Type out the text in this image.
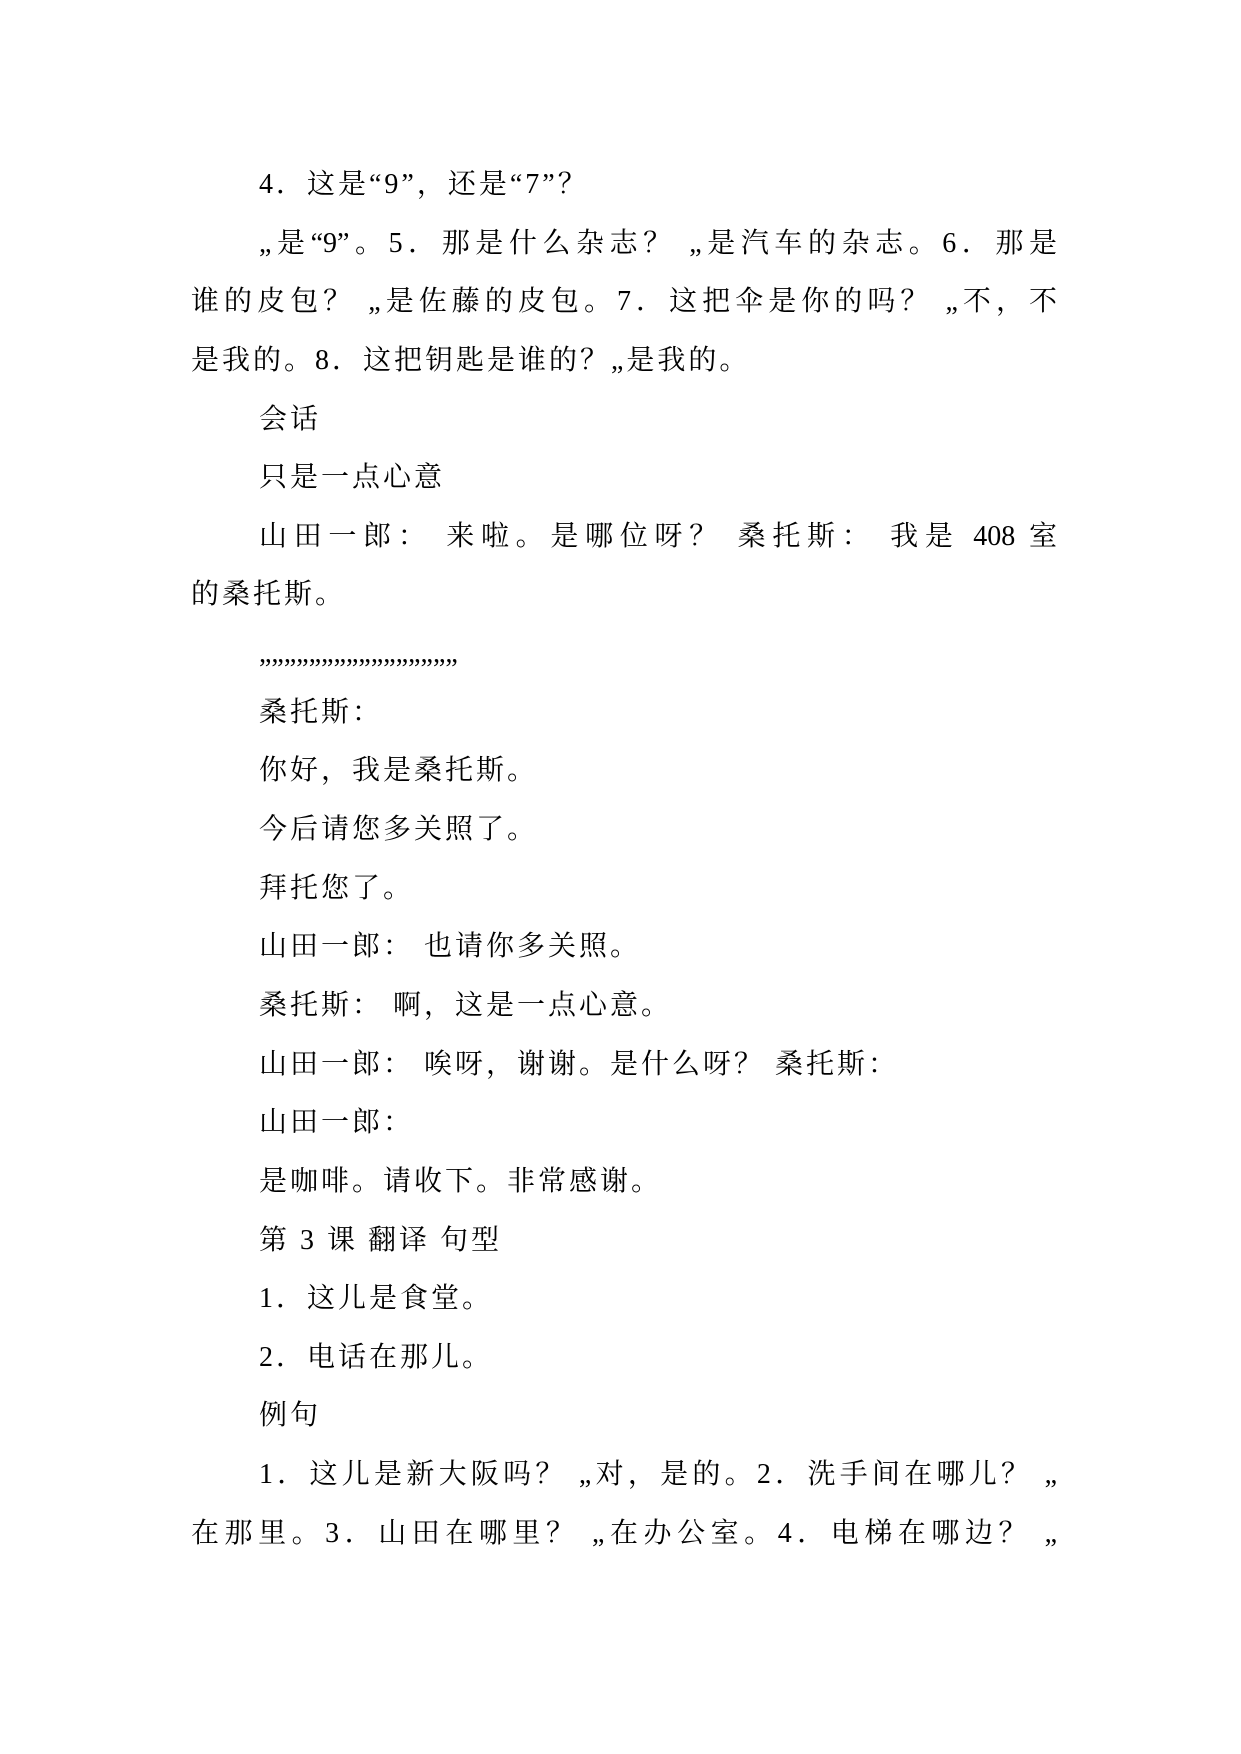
4．这是“9”，还是“7”？

„是“9”。5．那是什么杂志？ „是汽车的杂志。6．那是

谁的皮包？ „是佐藤的皮包。7．这把伞是你的吗？ „不，不

是我的。8．这把钥匙是谁的？„是我的。

会话

只是一点心意

山田一郎： 来啦。是哪位呀？ 桑托斯： 我是 408 室

的桑托斯。

„„„„„„„„„„„„„„„„

桑托斯：

你好，我是桑托斯。

今后请您多关照了。

拜托您了。

山田一郎： 也请你多关照。

桑托斯： 啊，这是一点心意。

山田一郎： 唉呀，谢谢。是什么呀？ 桑托斯：

山田一郎：

是咖啡。请收下。非常感谢。

第 3 课 翻译 句型

1．这儿是食堂。

2．电话在那儿。

例句

1．这儿是新大阪吗？ „对，是的。2．洗手间在哪儿？ „

在那里。3．山田在哪里？ „在办公室。4．电梯在哪边？ „
